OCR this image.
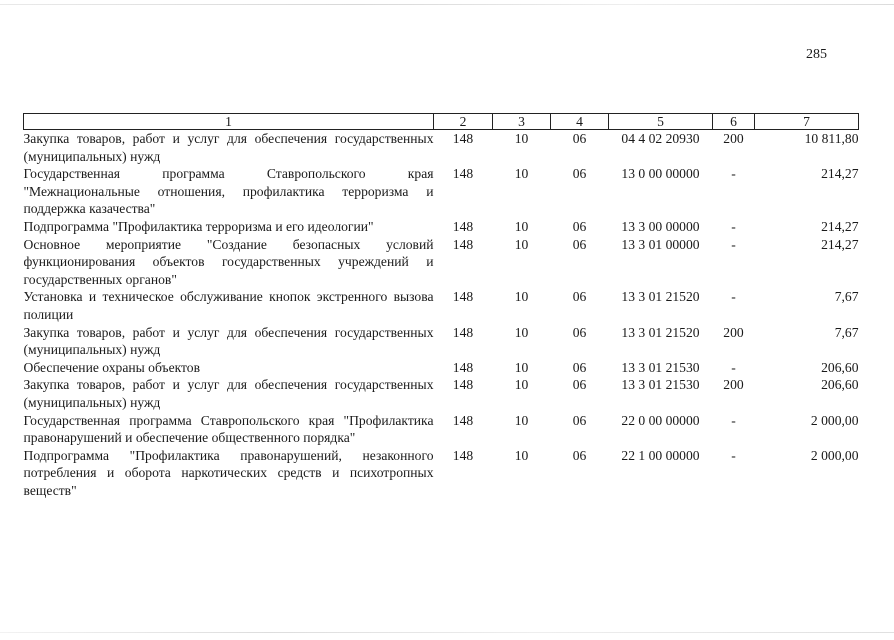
285
1	2	3	4	5	6	7
Закупка товаров, работ и услуг для обеспечения государственных (муниципальных) нужд	148	10	06	04 4 02 20930	200	10 811,80
Государственная программа Ставропольского края "Межнациональные отношения, профилактика терроризма и поддержка казачества"	148	10	06	13 0 00 00000	-	214,27
Подпрограмма "Профилактика терроризма и его идеологии"	148	10	06	13 3 00 00000	-	214,27
Основное мероприятие "Создание безопасных условий функционирования объектов государственных учреждений и государственных органов"	148	10	06	13 3 01 00000	-	214,27
Установка и техническое обслуживание кнопок экстренного вызова полиции	148	10	06	13 3 01 21520	-	7,67
Закупка товаров, работ и услуг для обеспечения государственных (муниципальных) нужд	148	10	06	13 3 01 21520	200	7,67
Обеспечение охраны объектов	148	10	06	13 3 01 21530	-	206,60
Закупка товаров, работ и услуг для обеспечения государственных (муниципальных) нужд	148	10	06	13 3 01 21530	200	206,60
Государственная программа Ставропольского края "Профилактика правонарушений и обеспечение общественного порядка"	148	10	06	22 0 00 00000	-	2 000,00
Подпрограмма "Профилактика правонарушений, незаконного потребления и оборота наркотических средств и психотропных веществ"	148	10	06	22 1 00 00000	-	2 000,00
